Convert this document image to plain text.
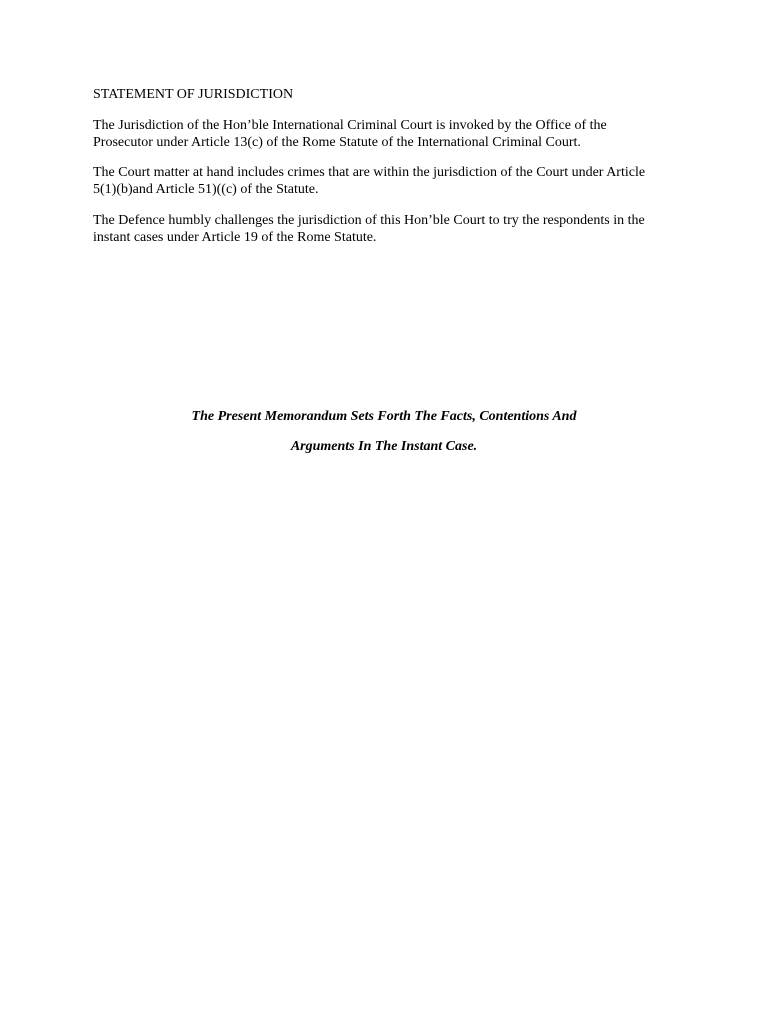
STATEMENT OF JURISDICTION
The Jurisdiction of the Hon’ble International Criminal Court is invoked by the Office of the
Prosecutor under Article 13(c) of the Rome Statute of the International Criminal Court.
The Court matter at hand includes crimes that are within the jurisdiction of the Court under Article
5(1)(b)and Article 51)((c) of the Statute.
The Defence humbly challenges the jurisdiction of this Hon’ble Court to try the respondents in the
instant cases under Article 19 of the Rome Statute.
The Present Memorandum Sets Forth The Facts, Contentions And
Arguments In The Instant Case.
